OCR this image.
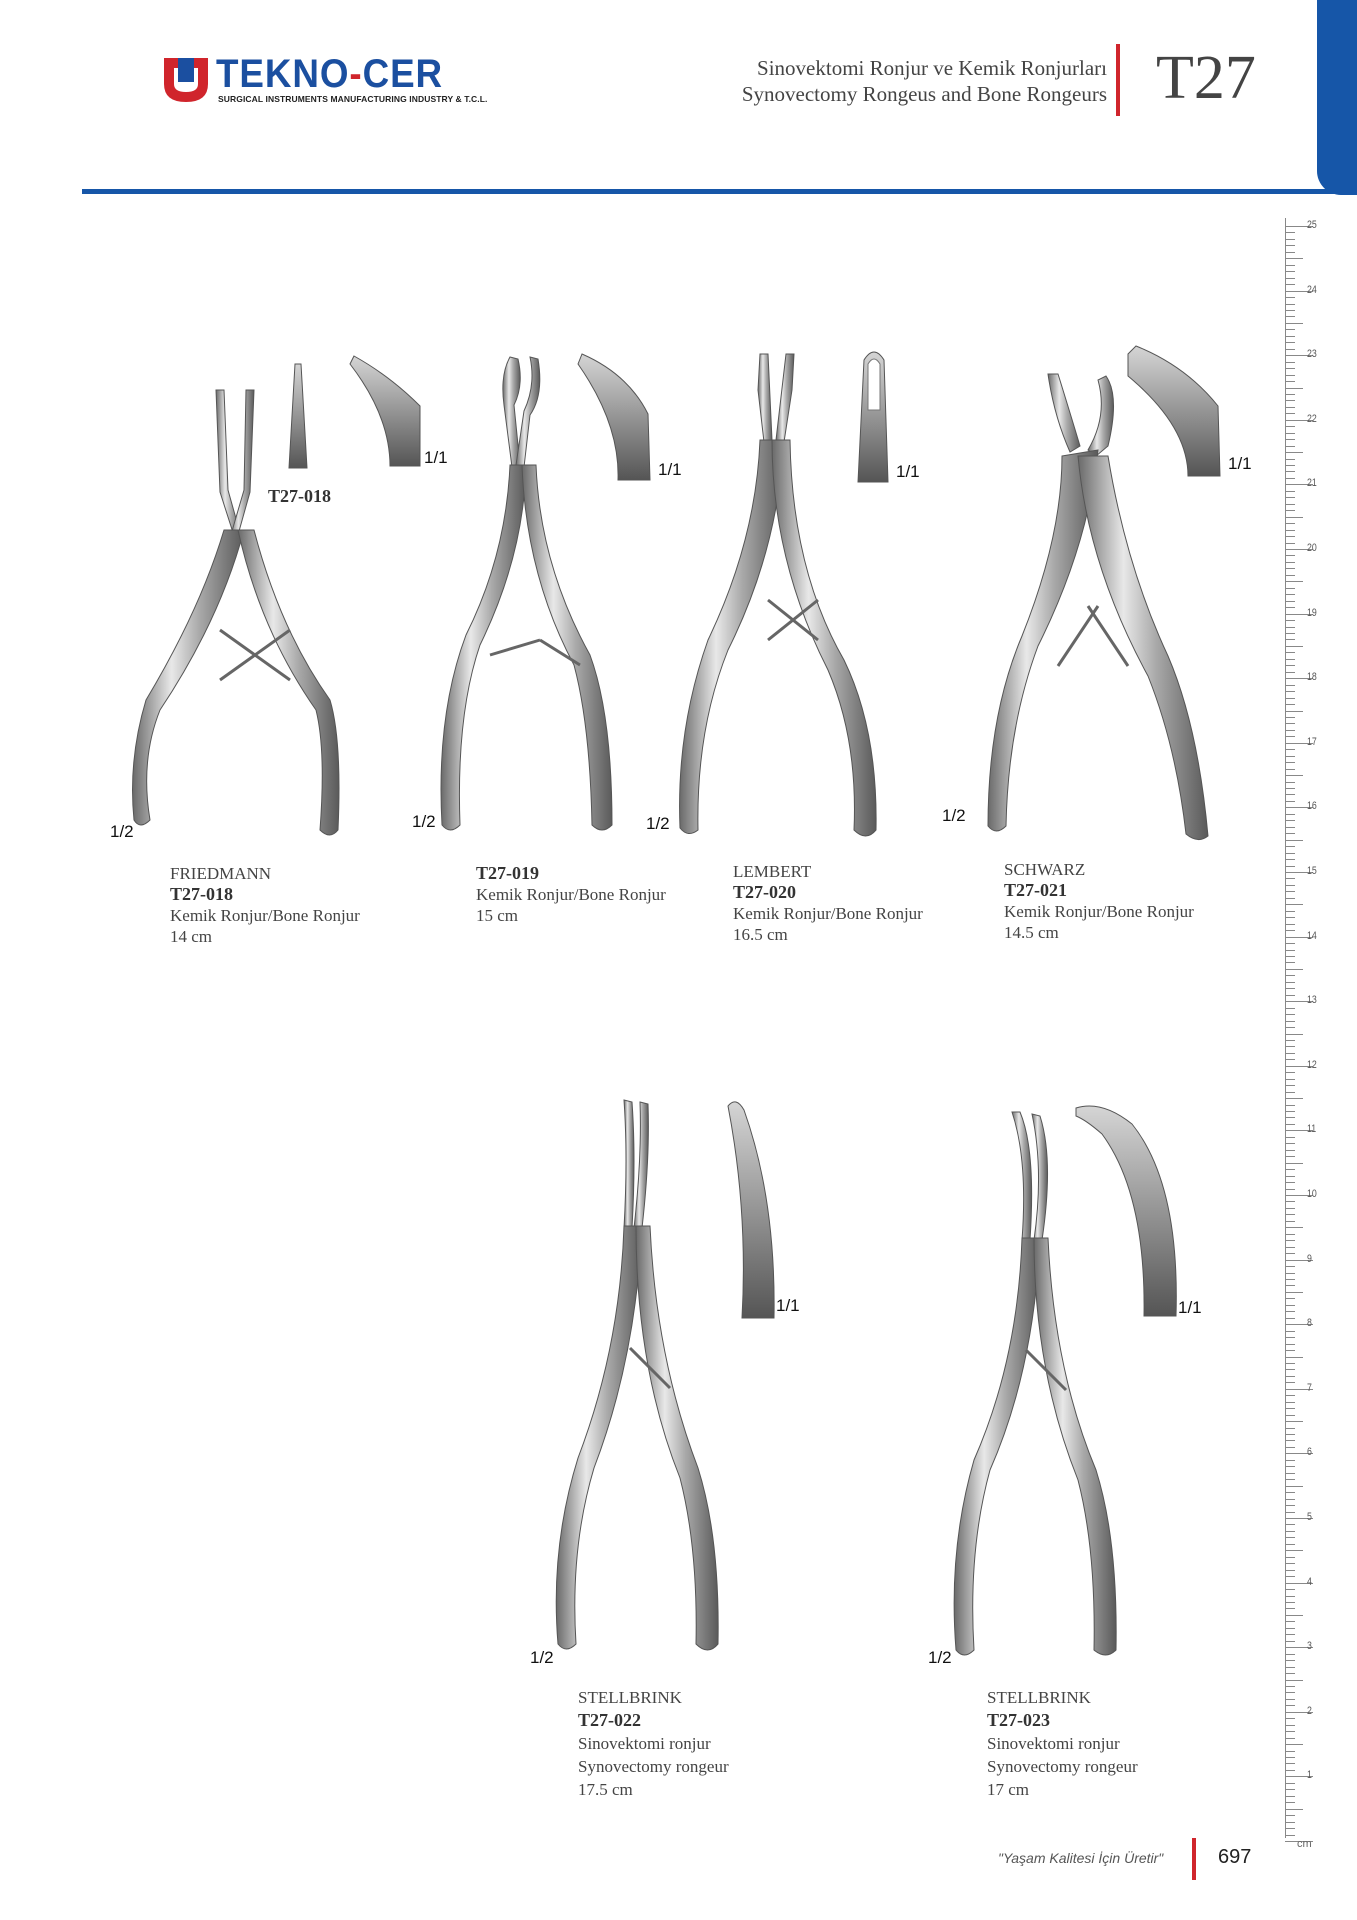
TEKNO-CER
SURGICAL INSTRUMENTS MANUFACTURING INDUSTRY & T.C.L.
Sinovektomi Ronjur ve Kemik Ronjurları
Synovectomy Rongeus and Bone Rongeurs T27
T27-018
1/2
1/1
1/2
1/1
1/2
1/1
1/2
1/1
1/2
1/1
1/2
1/1
FRIEDMANN
T27-018
Kemik Ronjur/Bone Ronjur
14 cm
T27-019
Kemik Ronjur/Bone Ronjur
15 cm
LEMBERT
T27-020
Kemik Ronjur/Bone Ronjur
16.5 cm
SCHWARZ
T27-021
Kemik Ronjur/Bone Ronjur
14.5 cm
STELLBRINK
T27-022
Sinovektomi ronjur
Synovectomy rongeur
17.5 cm
STELLBRINK
T27-023
Sinovektomi ronjur
Synovectomy rongeur
17 cm
25
24
23
22
21
20
19
18
17
16
15
14
13
12
11
10
9
8
7
6
5
4
3
2
1
cm
"Yaşam Kalitesi İçin Üretir"	697
